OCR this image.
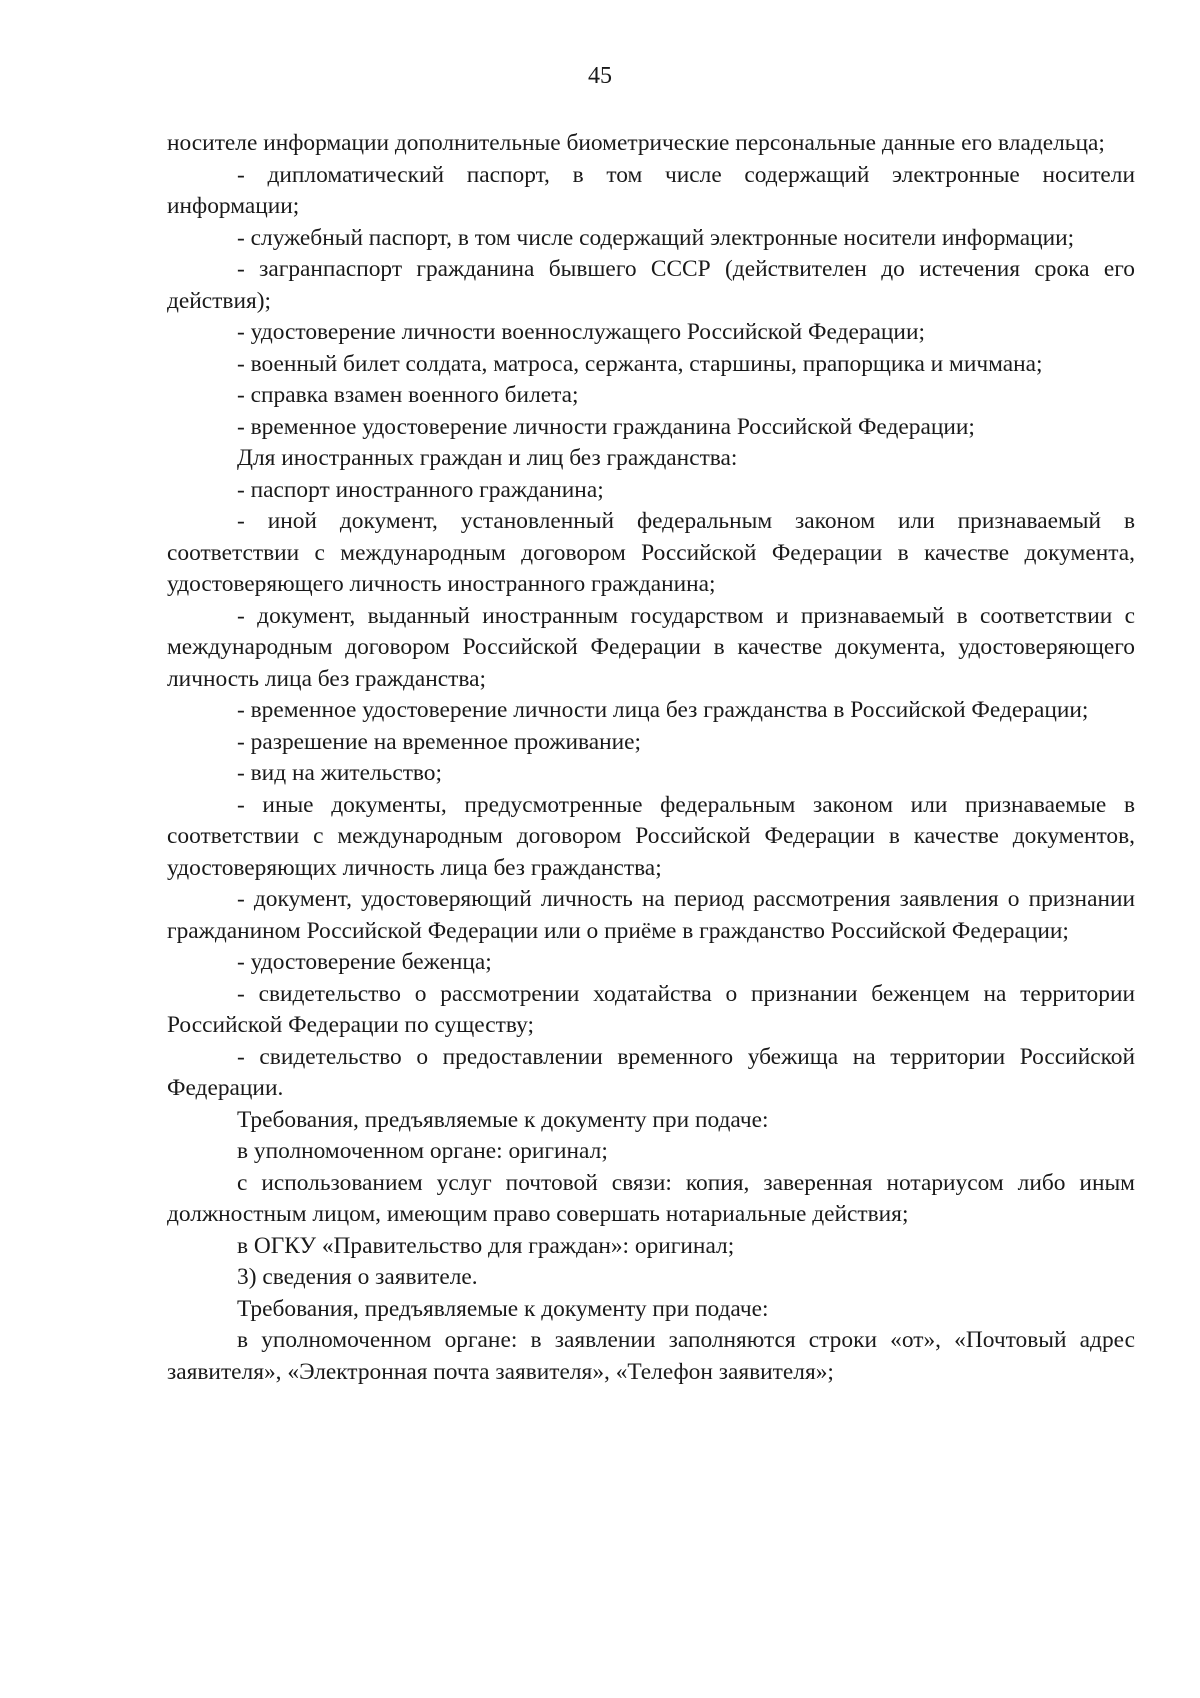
45

носителе информации дополнительные биометрические персональные данные его владельца;

- дипломатический паспорт, в том числе содержащий электронные носители информации;

- служебный паспорт, в том числе содержащий электронные носители информации;

- загранпаспорт гражданина бывшего СССР (действителен до истечения срока его действия);

- удостоверение личности военнослужащего Российской Федерации;

- военный билет солдата, матроса, сержанта, старшины, прапорщика и мичмана;

- справка взамен военного билета;

- временное удостоверение личности гражданина Российской Федерации;

Для иностранных граждан и лиц без гражданства:

- паспорт иностранного гражданина;

- иной документ, установленный федеральным законом или признаваемый в соответствии с международным договором Российской Федерации в качестве документа, удостоверяющего личность иностранного гражданина;

- документ, выданный иностранным государством и признаваемый в соответствии с международным договором Российской Федерации в качестве документа, удостоверяющего личность лица без гражданства;

- временное удостоверение личности лица без гражданства в Российской Федерации;

- разрешение на временное проживание;

- вид на жительство;

- иные документы, предусмотренные федеральным законом или признаваемые в соответствии с международным договором Российской Федерации в качестве документов, удостоверяющих личность лица без гражданства;

- документ, удостоверяющий личность на период рассмотрения заявления о признании гражданином Российской Федерации или о приёме в гражданство Российской Федерации;

- удостоверение беженца;

- свидетельство о рассмотрении ходатайства о признании беженцем на территории Российской Федерации по существу;

- свидетельство о предоставлении временного убежища на территории Российской Федерации.

Требования, предъявляемые к документу при подаче:

в уполномоченном органе: оригинал;

с использованием услуг почтовой связи: копия, заверенная нотариусом либо иным должностным лицом, имеющим право совершать нотариальные действия;

в ОГКУ «Правительство для граждан»: оригинал;

3) сведения о заявителе.

Требования, предъявляемые к документу при подаче:

в уполномоченном органе: в заявлении заполняются строки «от», «Почтовый адрес заявителя», «Электронная почта заявителя», «Телефон заявителя»;
